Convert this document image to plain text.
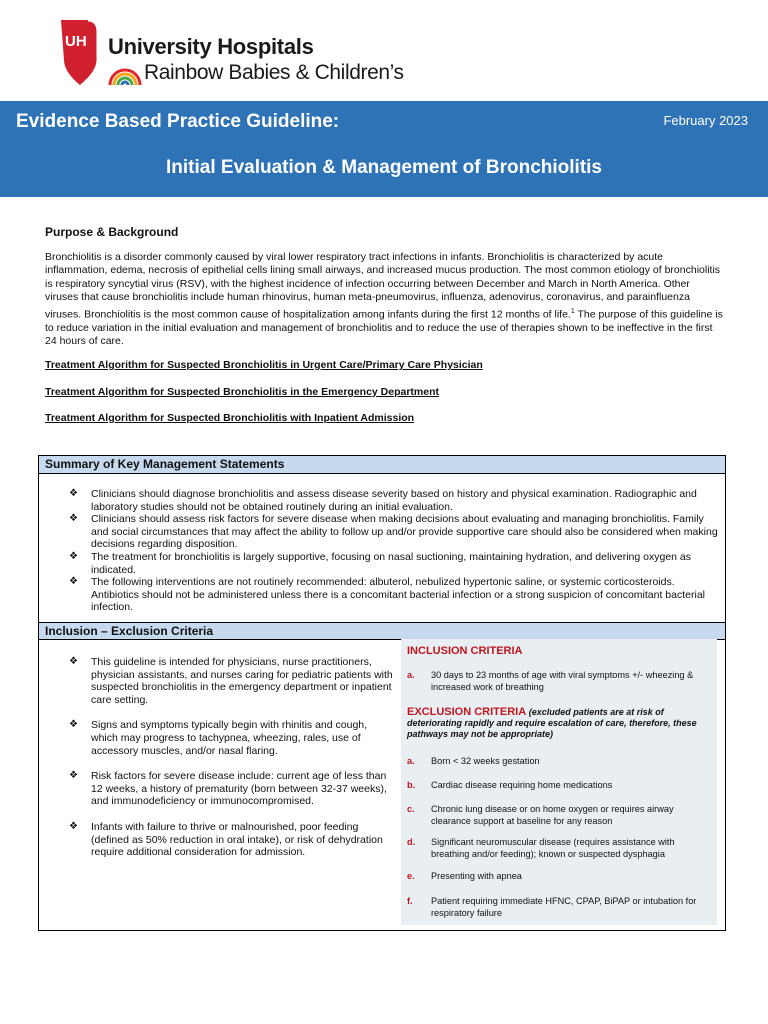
UH University Hospitals
Rainbow Babies & Children’s
Evidence Based Practice Guideline:	February 2023
Initial Evaluation & Management of Bronchiolitis
Purpose & Background
Bronchiolitis is a disorder commonly caused by viral lower respiratory tract infections in infants. Bronchiolitis is characterized by acute inflammation, edema, necrosis of epithelial cells lining small airways, and increased mucus production. The most common etiology of bronchiolitis is respiratory syncytial virus (RSV), with the highest incidence of infection occurring between December and March in North America. Other viruses that cause bronchiolitis include human rhinovirus, human meta-pneumovirus, influenza, adenovirus, coronavirus, and parainfluenza viruses. Bronchiolitis is the most common cause of hospitalization among infants during the first 12 months of life.$^1$ The purpose of this guideline is to reduce variation in the initial evaluation and management of bronchiolitis and to reduce the use of therapies shown to be ineffective in the first 24 hours of care.
Treatment Algorithm for Suspected Bronchiolitis in Urgent Care/Primary Care Physician
Treatment Algorithm for Suspected Bronchiolitis in the Emergency Department
Treatment Algorithm for Suspected Bronchiolitis with Inpatient Admission
Summary of Key Management Statements
❖ Clinicians should diagnose bronchiolitis and assess disease severity based on history and physical examination. Radiographic and laboratory studies should not be obtained routinely during an initial evaluation.
❖ Clinicians should assess risk factors for severe disease when making decisions about evaluating and managing bronchiolitis. Family and social circumstances that may affect the ability to follow up and/or provide supportive care should also be considered when making decisions regarding disposition.
❖ The treatment for bronchiolitis is largely supportive, focusing on nasal suctioning, maintaining hydration, and delivering oxygen as indicated.
❖ The following interventions are not routinely recommended: albuterol, nebulized hypertonic saline, or systemic corticosteroids. Antibiotics should not be administered unless there is a concomitant bacterial infection or a strong suspicion of concomitant bacterial infection.
Inclusion – Exclusion Criteria
❖ This guideline is intended for physicians, nurse practitioners, physician assistants, and nurses caring for pediatric patients with suspected bronchiolitis in the emergency department or inpatient care setting.
❖ Signs and symptoms typically begin with rhinitis and cough, which may progress to tachypnea, wheezing, rales, use of accessory muscles, and/or nasal flaring.
❖ Risk factors for severe disease include: current age of less than 12 weeks, a history of prematurity (born between 32-37 weeks), and immunodeficiency or immunocompromised.
❖ Infants with failure to thrive or malnourished, poor feeding (defined as 50% reduction in oral intake), or risk of dehydration require additional consideration for admission.
INCLUSION CRITERIA
a. 30 days to 23 months of age with viral symptoms +/- wheezing & increased work of breathing
EXCLUSION CRITERIA (excluded patients are at risk of deteriorating rapidly and require escalation of care, therefore, these pathways may not be appropriate)
a. Born < 32 weeks gestation
b. Cardiac disease requiring home medications
c. Chronic lung disease or on home oxygen or requires airway clearance support at baseline for any reason
d. Significant neuromuscular disease (requires assistance with breathing and/or feeding); known or suspected dysphagia
e. Presenting with apnea
f. Patient requiring immediate HFNC, CPAP, BiPAP or intubation for respiratory failure
